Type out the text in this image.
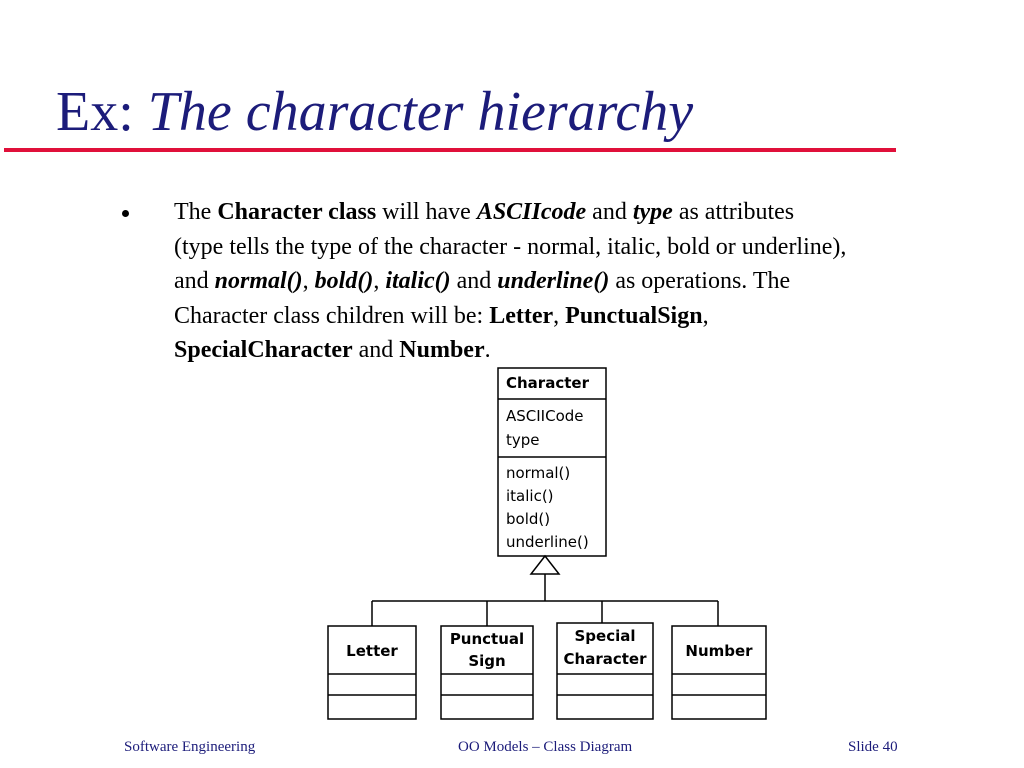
Ex: The character hierarchy
The Character class will have ASCIIcode and type as attributes
(type tells the type of the character - normal, italic, bold or underline),
and normal(), bold(), italic() and underline() as operations. The
Character class children will be: Letter, PunctualSign,
SpecialCharacter and Number.
Character
ASCIICode
type
normal()
italic()
bold()
underline()
Letter
Punctual
Sign
Special
Character	Number
Software Engineering	OO Models – Class Diagram	Slide 40
